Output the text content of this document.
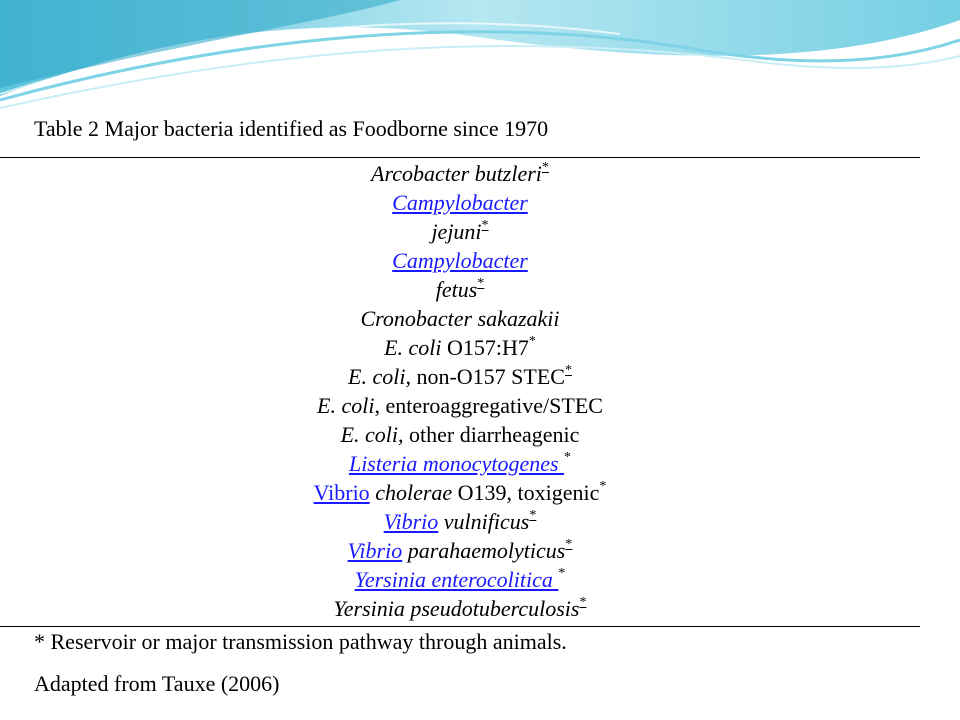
Table 2 Major bacteria identified as Foodborne since 1970
Arcobacter butzleri*
Campylobacter
jejuni*
Campylobacter
fetus*
Cronobacter sakazakii
E. coli O157:H7*
E. coli, non-O157 STEC*
E. coli, enteroaggregative/STEC
E. coli, other diarrheagenic
Listeria monocytogenes *
Vibrio cholerae O139, toxigenic*
Vibrio vulnificus*
Vibrio parahaemolyticus*
Yersinia enterocolitica *
Yersinia pseudotuberculosis*
* Reservoir or major transmission pathway through animals.
Adapted from Tauxe (2006)
